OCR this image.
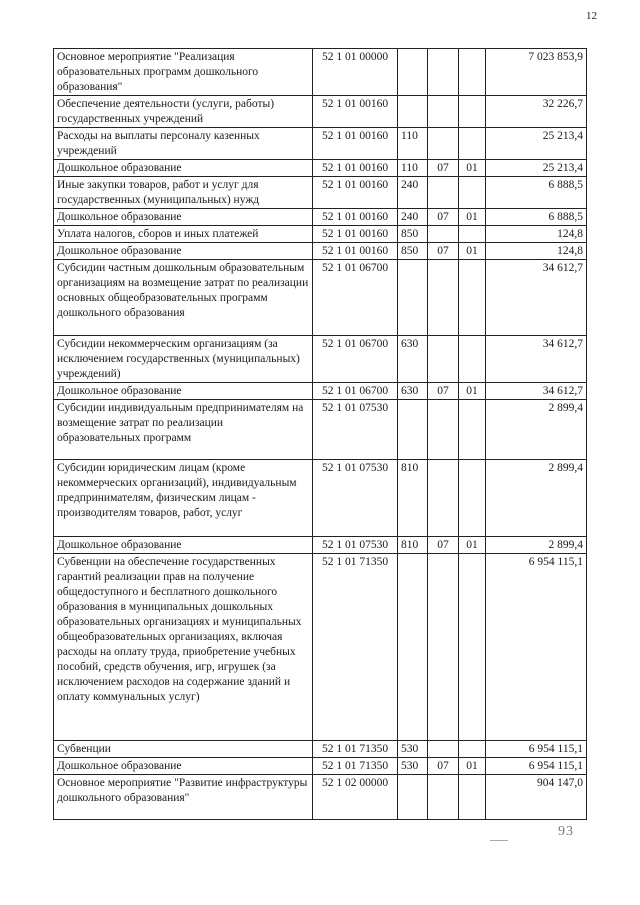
12
Основное мероприятие "Реализация образовательных программ дошкольного образования"	52 1 01 00000				7 023 853,9
Обеспечение деятельности (услуги, работы) государственных учреждений	52 1 01 00160				32 226,7
Расходы на выплаты персоналу казенных учреждений	52 1 01 00160	110			25 213,4
Дошкольное образование	52 1 01 00160	110	07	01	25 213,4
Иные закупки товаров, работ и услуг для государственных (муниципальных) нужд	52 1 01 00160	240			6 888,5
Дошкольное образование	52 1 01 00160	240	07	01	6 888,5
Уплата налогов, сборов и иных платежей	52 1 01 00160	850			124,8
Дошкольное образование	52 1 01 00160	850	07	01	124,8
Субсидии частным дошкольным образовательным организациям на возмещение затрат по реализации основных общеобразовательных программ дошкольного образования	52 1 01 06700				34 612,7
Субсидии некоммерческим организациям (за исключением государственных (муниципальных) учреждений)	52 1 01 06700	630			34 612,7
Дошкольное образование	52 1 01 06700	630	07	01	34 612,7
Субсидии индивидуальным предпринимателям на возмещение затрат по реализации образовательных программ	52 1 01 07530				2 899,4
Субсидии юридическим лицам (кроме некоммерческих организаций), индивидуальным предпринимателям, физическим лицам - производителям товаров, работ, услуг	52 1 01 07530	810			2 899,4
Дошкольное образование	52 1 01 07530	810	07	01	2 899,4
Субвенции на обеспечение государственных гарантий реализации прав на получение общедоступного и бесплатного дошкольного образования в муниципальных дошкольных образовательных организациях и муниципальных общеобразовательных организациях, включая расходы на оплату труда, приобретение учебных пособий, средств обучения, игр, игрушек (за исключением расходов на содержание зданий и оплату коммунальных услуг)	52 1 01 71350				6 954 115,1
Субвенции	52 1 01 71350	530			6 954 115,1
Дошкольное образование	52 1 01 71350	530	07	01	6 954 115,1
Основное мероприятие "Развитие инфраструктуры дошкольного образования"	52 1 02 00000				904 147,0
93
